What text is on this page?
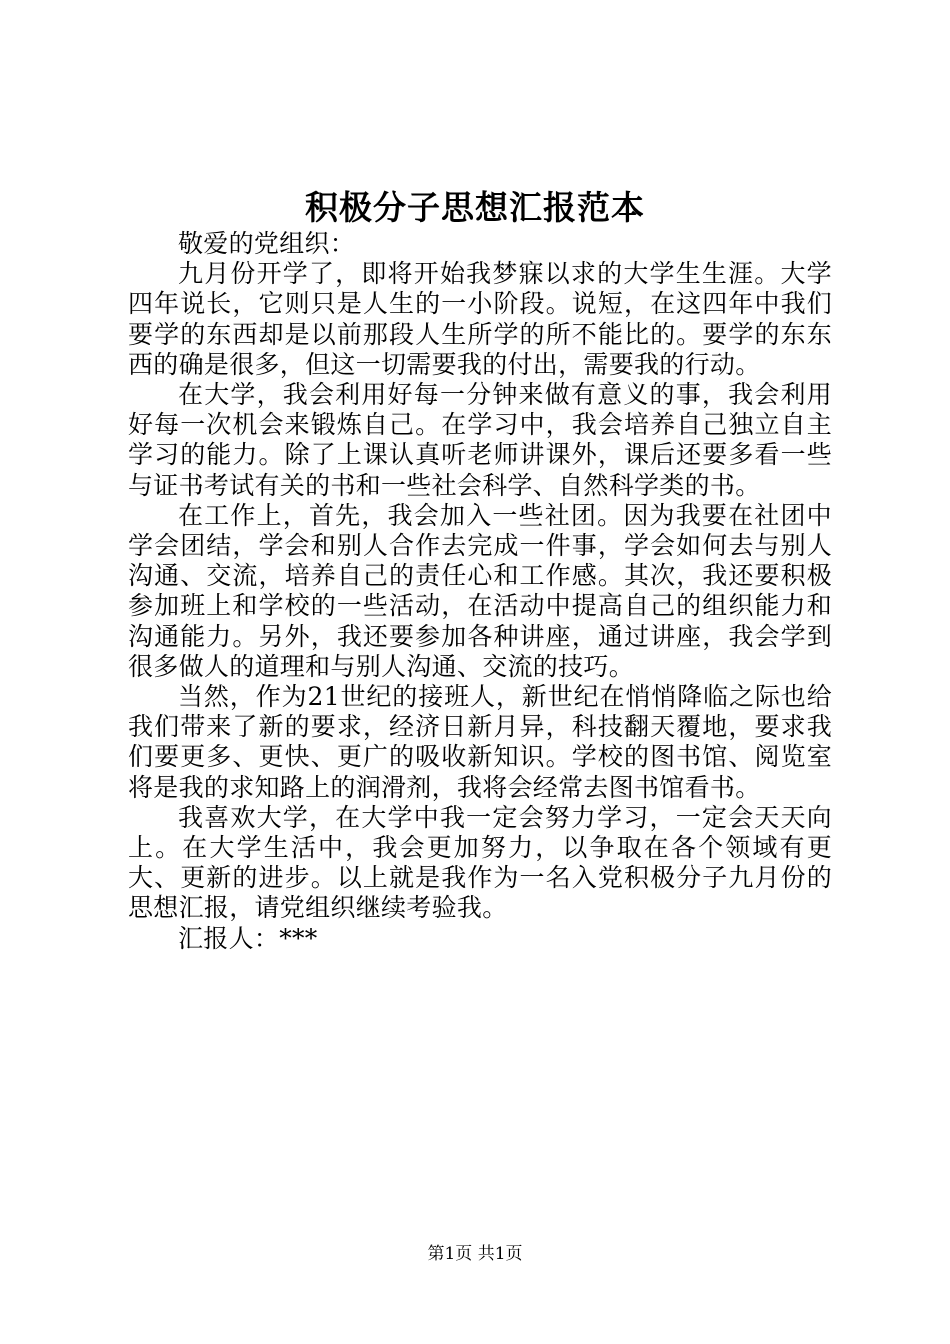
积极分子思想汇报范本

敬爱的党组织：

九月份开学了，即将开始我梦寐以求的大学生生涯。大学四年说长，它则只是人生的一小阶段。说短，在这四年中我们要学的东西却是以前那段人生所学的所不能比的。要学的东东西的确是很多，但这一切需要我的付出，需要我的行动。

在大学，我会利用好每一分钟来做有意义的事，我会利用好每一次机会来锻炼自己。在学习中，我会培养自己独立自主学习的能力。除了上课认真听老师讲课外，课后还要多看一些与证书考试有关的书和一些社会科学、自然科学类的书。

在工作上，首先，我会加入一些社团。因为我要在社团中学会团结，学会和别人合作去完成一件事，学会如何去与别人沟通、交流，培养自己的责任心和工作感。其次，我还要积极参加班上和学校的一些活动，在活动中提高自己的组织能力和沟通能力。另外，我还要参加各种讲座，通过讲座，我会学到很多做人的道理和与别人沟通、交流的技巧。

当然，作为21世纪的接班人，新世纪在悄悄降临之际也给我们带来了新的要求，经济日新月异，科技翻天覆地，要求我们要更多、更快、更广的吸收新知识。学校的图书馆、阅览室将是我的求知路上的润滑剂，我将会经常去图书馆看书。

我喜欢大学，在大学中我一定会努力学习，一定会天天向上。在大学生活中，我会更加努力，以争取在各个领域有更大、更新的进步。以上就是我作为一名入党积极分子九月份的思想汇报，请党组织继续考验我。

汇报人：***

第1页 共1页
